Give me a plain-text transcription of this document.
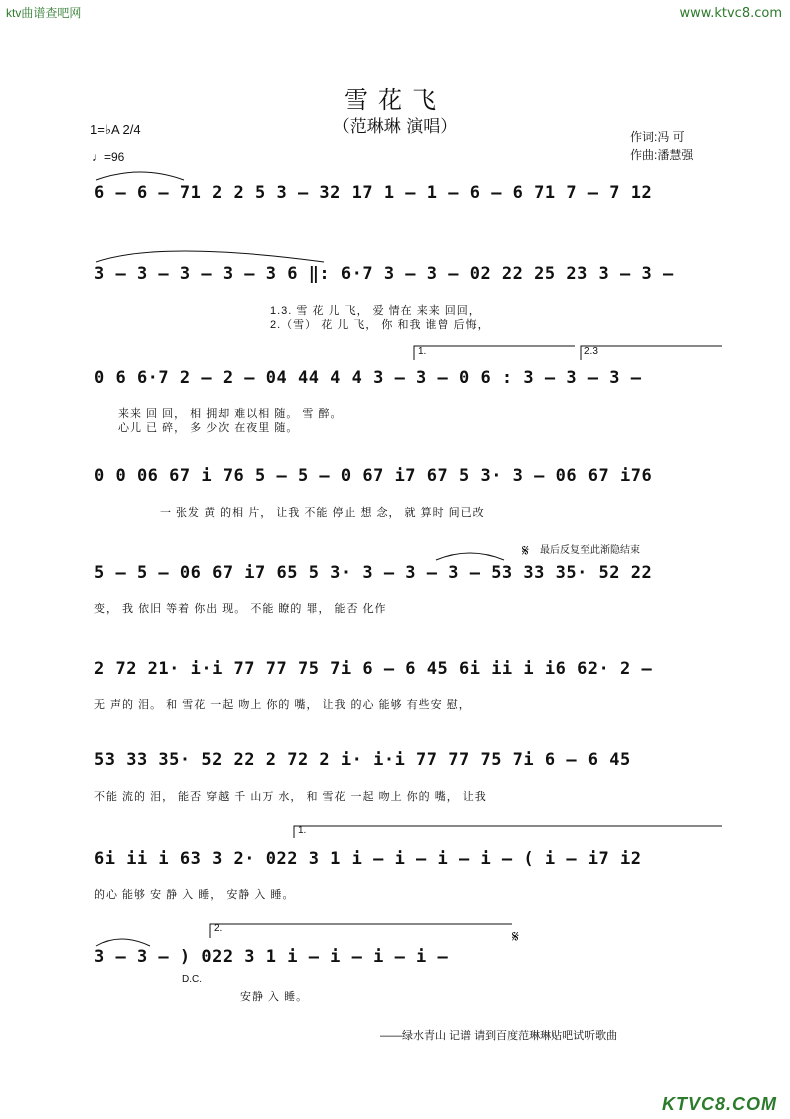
ktv曲谱查吧网	www.ktvc8.com
雪花飞
（范琳琳 演唱）
1=♭A 2/4
♩=96
作词:冯 可
作曲:潘慧强
6 – 6 – 71 2 2 5 3 – 32 17 1 – 1 – 6 – 6 71 7 – 7 12
3 – 3 – 3 – 3 – 3 6 ‖: 6·7 3 – 3 – 02 22 25 23 3 – 3 –
1.3. 雪 花 儿 飞， 爱 情在 来来 回回，
2.（雪） 花 儿 飞， 你 和我 谁曾 后悔，
1.	2.3
0 6 6·7 2 – 2 – 04 44 4 4 3 – 3 – 0 6 : 3 – 3 – 3 –
来来 回 回， 相 拥却 难以相 随。 雪 醉。
心儿 已 碎， 多 少次 在夜里 随。
0 0 06 67 i 76 5 – 5 – 0 67 i7 67 5 3· 3 – 06 67 i76
一 张发 黄 的相 片， 让我 不能 停止 想 念， 就 算时 间已改
最后反复至此渐隐结束
5 – 5 – 06 67 i7 65 5 3· 3 – 3 – 3 – 53 33 35· 52 22
变， 我 依旧 等着 你出 现。 不能 瞭的 罪， 能否 化作
2 72 21· i·i 77 77 75 7i 6 – 6 45 6i ii i i6 62· 2 –
无 声的 泪。 和 雪花 一起 吻上 你的 嘴， 让我 的心 能够 有些安 慰，
53 33 35· 52 22 2 72 2 i· i·i 77 77 75 7i 6 – 6 45
不能 流的 泪， 能否 穿越 千 山万 水， 和 雪花 一起 吻上 你的 嘴， 让我
1.
6i ii i 63 3 2· 022 3 1 i – i – i – i – ( i – i7 i2
的心 能够 安 静 入 睡， 安静 入 睡。
2.
3 – 3 – ) 022 3 1 i – i – i – i –
D.C.
安静 入 睡。
——绿水青山 记谱 请到百度范琳琳贴吧试听歌曲
KTVC8.COM
𝄋
𝄋
